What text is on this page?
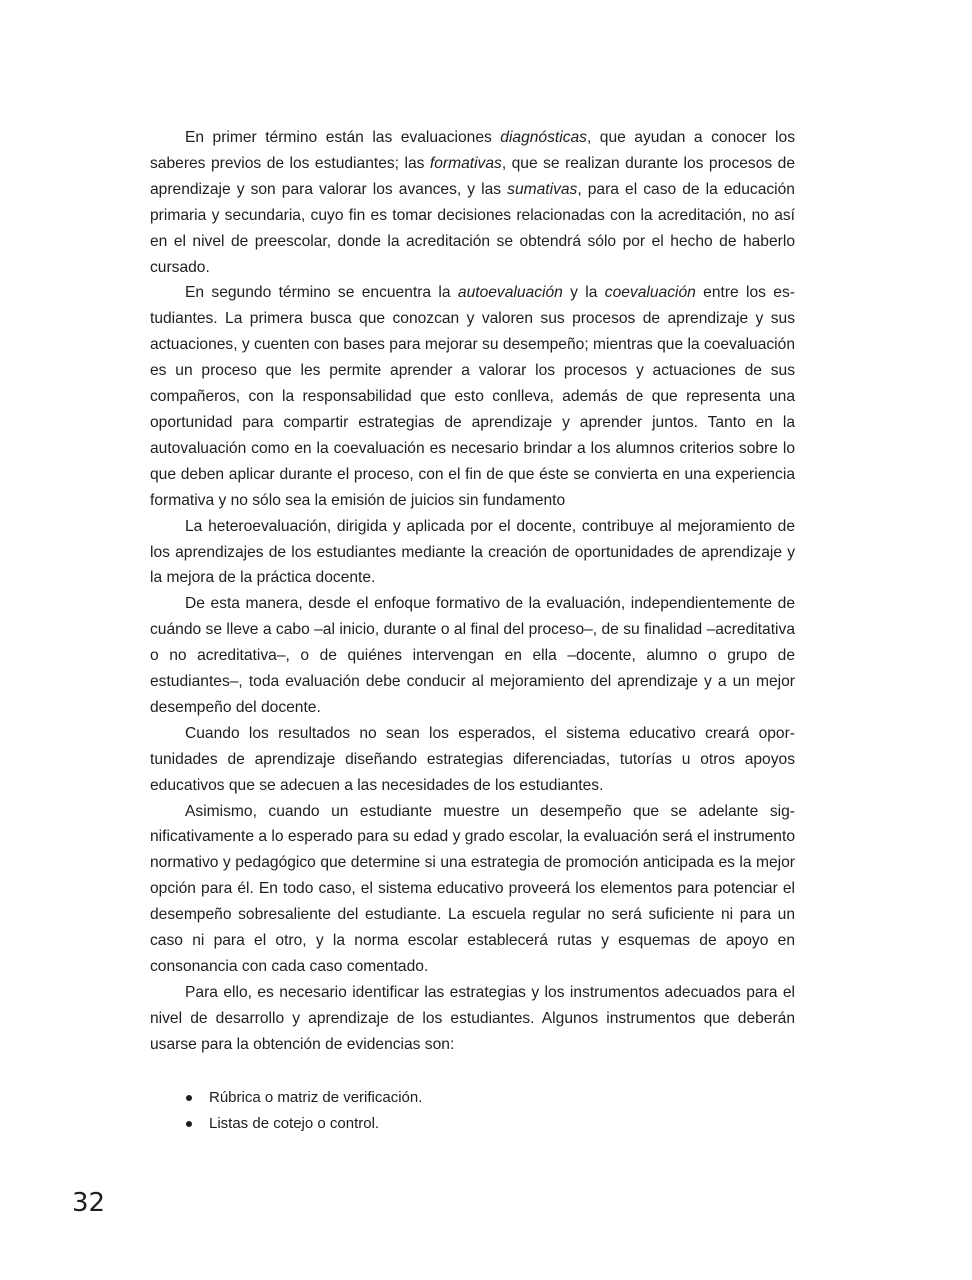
En primer término están las evaluaciones diagnósticas, que ayudan a conocer los saberes previos de los estudiantes; las formativas, que se realizan durante los procesos de aprendizaje y son para valorar los avances, y las sumativas, para el caso de la educación primaria y secundaria, cuyo fin es tomar decisiones relacionadas con la acreditación, no así en el nivel de preescolar, donde la acreditación se obtendrá sólo por el hecho de haberlo cursado.

En segundo término se encuentra la autoevaluación y la coevaluación entre los estudiantes. La primera busca que conozcan y valoren sus procesos de aprendizaje y sus actuaciones, y cuenten con bases para mejorar su desempeño; mientras que la coevaluación es un proceso que les permite aprender a valorar los procesos y actuaciones de sus compañeros, con la responsabilidad que esto conlleva, además de que representa una oportunidad para compartir estrategias de aprendizaje y aprender juntos. Tanto en la autovaluación como en la coevaluación es necesario brindar a los alumnos criterios sobre lo que deben aplicar durante el proceso, con el fin de que éste se convierta en una experiencia formativa y no sólo sea la emisión de juicios sin fundamento

La heteroevaluación, dirigida y aplicada por el docente, contribuye al mejoramiento de los aprendizajes de los estudiantes mediante la creación de oportunidades de aprendizaje y la mejora de la práctica docente.

De esta manera, desde el enfoque formativo de la evaluación, independientemente de cuándo se lleve a cabo –al inicio, durante o al final del proceso–, de su finalidad –acreditativa o no acreditativa–, o de quiénes intervengan en ella –docente, alumno o grupo de estudiantes–, toda evaluación debe conducir al mejoramiento del aprendizaje y a un mejor desempeño del docente.

Cuando los resultados no sean los esperados, el sistema educativo creará oportunidades de aprendizaje diseñando estrategias diferenciadas, tutorías u otros apoyos educativos que se adecuen a las necesidades de los estudiantes.

Asimismo, cuando un estudiante muestre un desempeño que se adelante significativamente a lo esperado para su edad y grado escolar, la evaluación será el instrumento normativo y pedagógico que determine si una estrategia de promoción anticipada es la mejor opción para él. En todo caso, el sistema educativo proveerá los elementos para potenciar el desempeño sobresaliente del estudiante. La escuela regular no será suficiente ni para un caso ni para el otro, y la norma escolar establecerá rutas y esquemas de apoyo en consonancia con cada caso comentado.

Para ello, es necesario identificar las estrategias y los instrumentos adecuados para el nivel de desarrollo y aprendizaje de los estudiantes. Algunos instrumentos que deberán usarse para la obtención de evidencias son:

Rúbrica o matriz de verificación.
Listas de cotejo o control.
32
